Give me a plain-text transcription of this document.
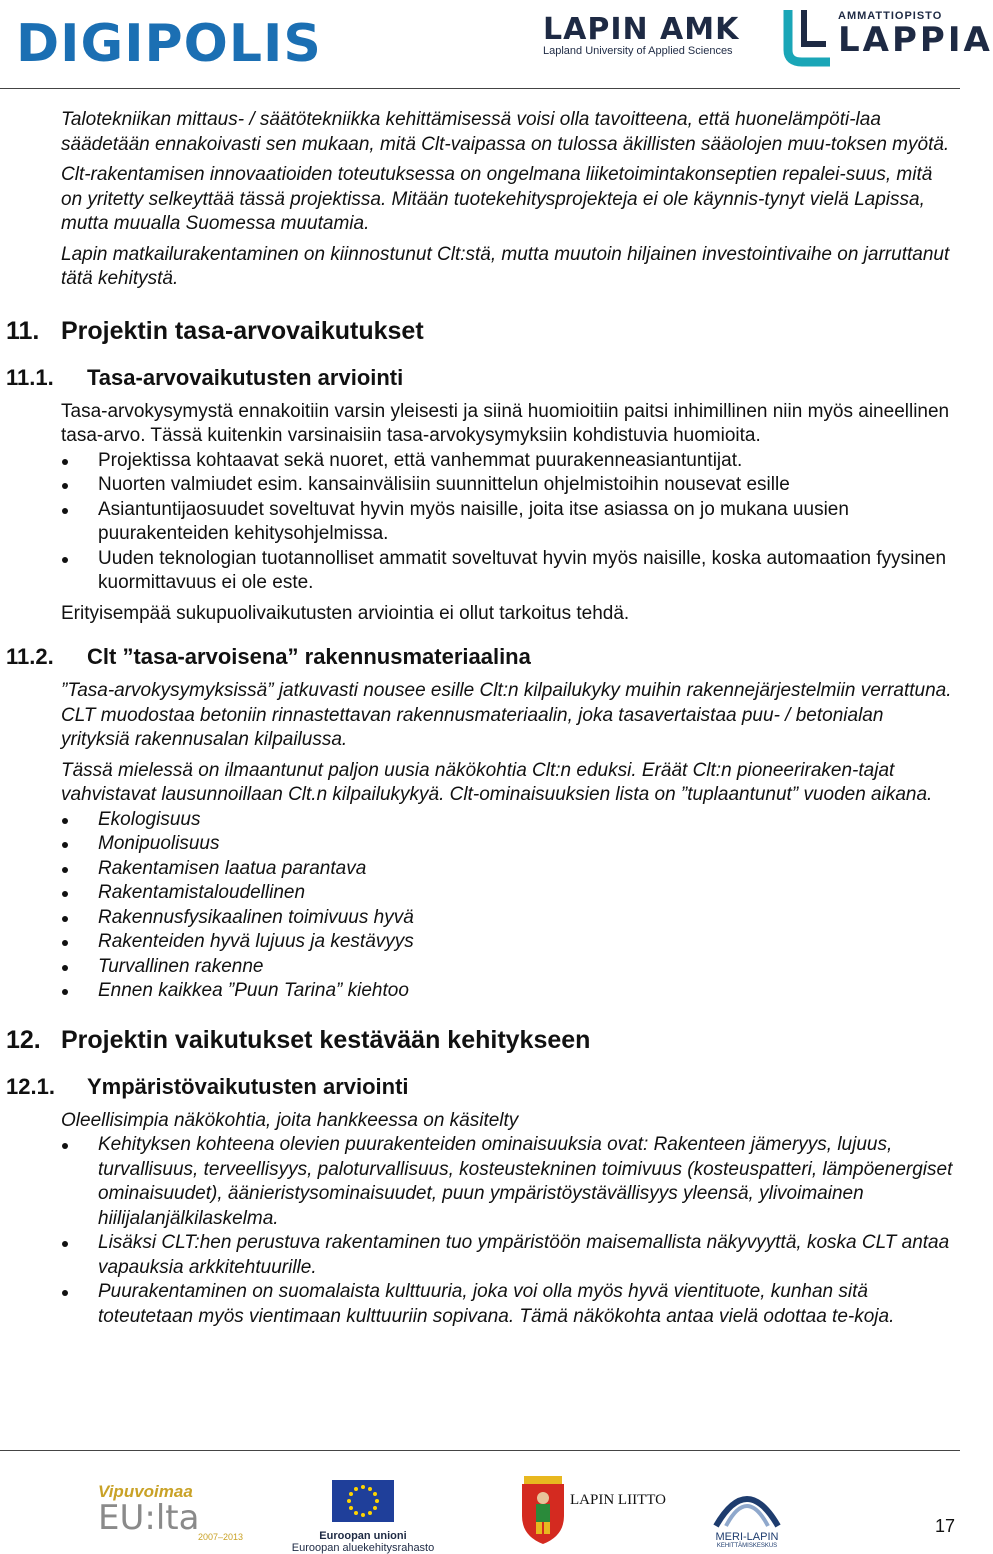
DIGIPOLIS	LAPIN AMK
Lapland University of Applied Sciences
AMMATTIOPISTO
LAPPIA

Talotekniikan mittaus- / säätötekniikka kehittämisessä voisi olla tavoitteena, että huonelämpöti-laa säädetään ennakoivasti sen mukaan, mitä Clt-vaipassa on tulossa äkillisten sääolojen muu-toksen myötä.

Clt-rakentamisen innovaatioiden toteutuksessa on ongelmana liiketoimintakonseptien repalei-suus, mitä on yritetty selkeyttää tässä projektissa. Mitään tuotekehitysprojekteja ei ole käynnis-tynyt vielä Lapissa, mutta muualla Suomessa muutamia.

Lapin matkailurakentaminen on kiinnostunut Clt:stä, mutta muutoin hiljainen investointivaihe on jarruttanut tätä kehitystä.

11. Projektin tasa-arvovaikutukset
11.1.	Tasa-arvovaikutusten arviointi

Tasa-arvokysymystä ennakoitiin varsin yleisesti ja siinä huomioitiin paitsi inhimillinen niin myös aineellinen tasa-arvo. Tässä kuitenkin varsinaisiin tasa-arvokysymyksiin kohdistuvia huomioita.

Projektissa kohtaavat sekä nuoret, että vanhemmat puurakenneasiantuntijat.
Nuorten valmiudet esim. kansainvälisiin suunnittelun ohjelmistoihin nousevat esille
Asiantuntijaosuudet soveltuvat hyvin myös naisille, joita itse asiassa on jo mukana uusien puurakenteiden kehitysohjelmissa.
Uuden teknologian tuotannolliset ammatit soveltuvat hyvin myös naisille, koska automaation fyysinen kuormittavuus ei ole este.

Erityisempää sukupuolivaikutusten arviointia ei ollut tarkoitus tehdä.

11.2.	Clt ”tasa-arvoisena” rakennusmateriaalina

”Tasa-arvokysymyksissä” jatkuvasti nousee esille Clt:n kilpailukyky muihin rakennejärjestelmiin verrattuna. CLT muodostaa betoniin rinnastettavan rakennusmateriaalin, joka tasavertaistaa puu- / betonialan yrityksiä rakennusalan kilpailussa.

Tässä mielessä on ilmaantunut paljon uusia näkökohtia Clt:n eduksi. Eräät Clt:n pioneeriraken-tajat vahvistavat lausunnoillaan Clt.n kilpailukykyä. Clt-ominaisuuksien lista on ”tuplaantunut” vuoden aikana.

Ekologisuus
Monipuolisuus
Rakentamisen laatua parantava
Rakentamistaloudellinen
Rakennusfysikaalinen toimivuus hyvä
Rakenteiden hyvä lujuus ja kestävyys
Turvallinen rakenne
Ennen kaikkea ”Puun Tarina” kiehtoo
12. Projektin vaikutukset kestävään kehitykseen
12.1.	Ympäristövaikutusten arviointi

Oleellisimpia näkökohtia, joita hankkeessa on käsitelty

Kehityksen kohteena olevien puurakenteiden ominaisuuksia ovat: Rakenteen jämeryys, lujuus, turvallisuus, terveellisyys, paloturvallisuus, kosteustekninen toimivuus (kosteuspatteri, lämpöenergiset ominaisuudet), äänieristysominaisuudet, puun ympäristöystävällisyys yleensä, ylivoimainen hiilijalanjälkilaskelma.
Lisäksi CLT:hen perustuva rakentaminen tuo ympäristöön maisemallista näkyvyyttä, koska CLT antaa vapauksia arkkitehtuurille.
Puurakentaminen on suomalaista kulttuuria, joka voi olla myös hyvä vientituote, kunhan sitä toteutetaan myös vientimaan kulttuuriin sopivana. Tämä näkökohta antaa vielä odottaa te-koja.
Vipuvoimaa
EU:lta
2007–2013	Euroopan unioni
Euroopan aluekehitysrahasto
LAPIN LIITTO
MERI-LAPIN
KEHITTÄMISKESKUS
17
